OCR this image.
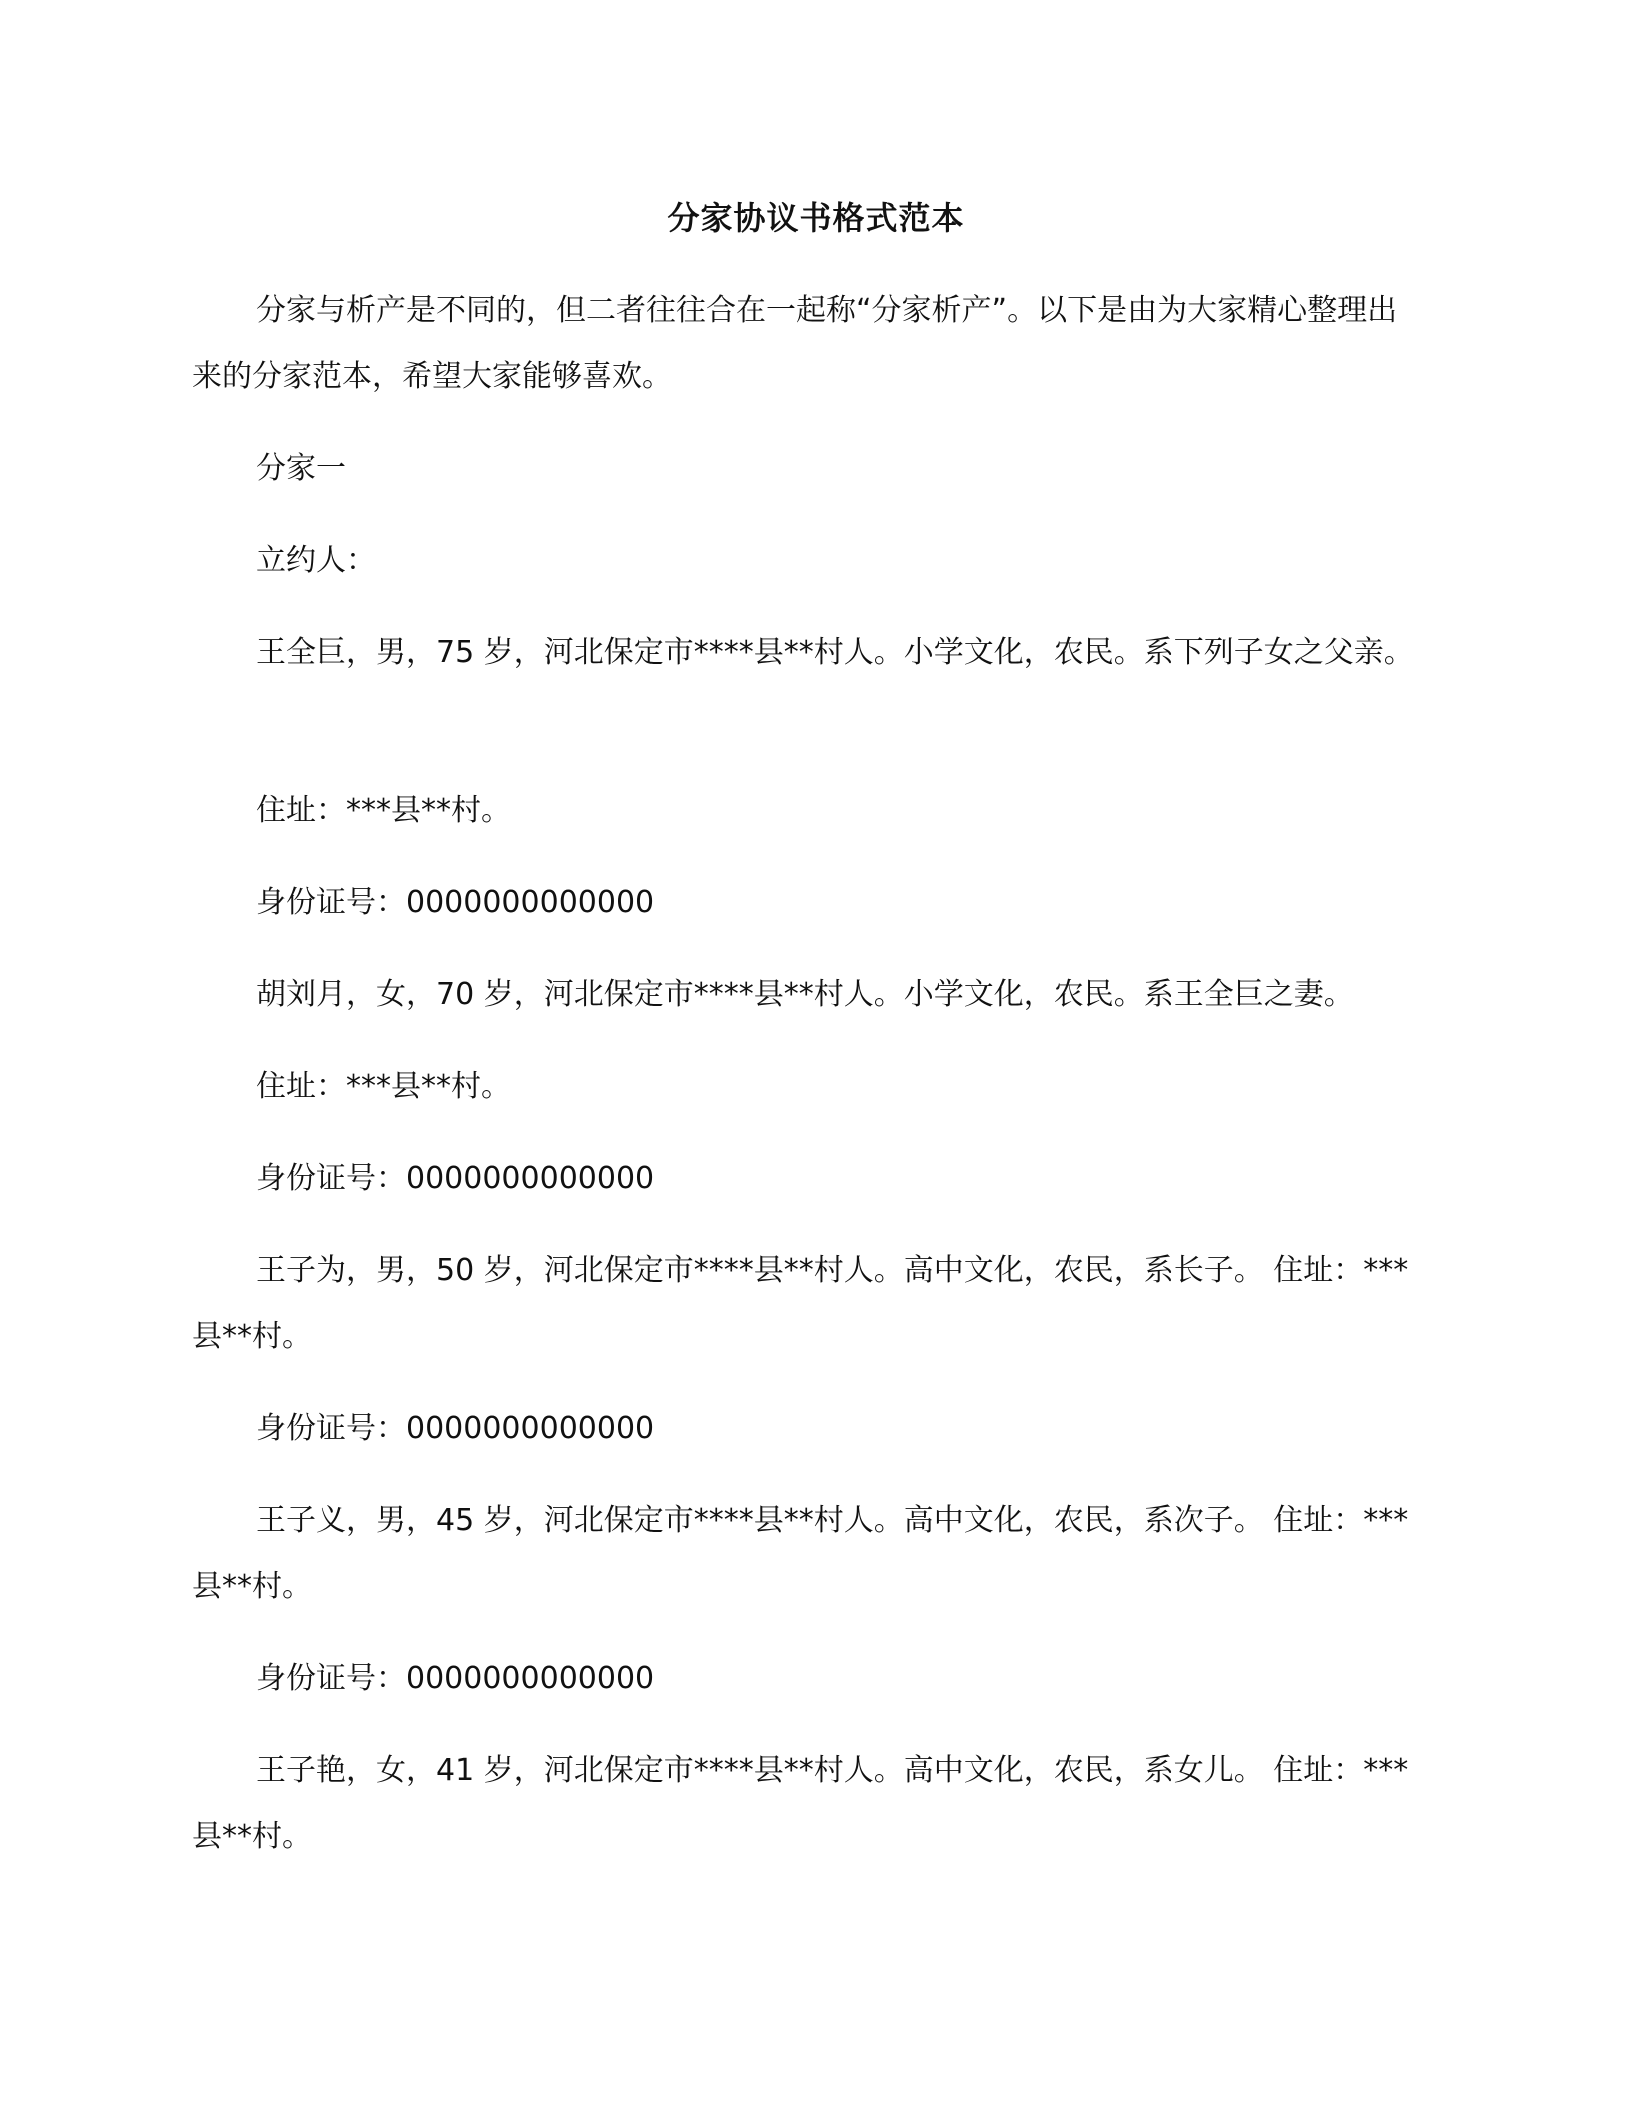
分家协议书格式范本

分家与析产是不同的，但二者往往合在一起称“分家析产”。以下是由为大家精心整理出来的分家范本，希望大家能够喜欢。

分家一

立约人：

王全巨，男，75 岁，河北保定市****县**村人。小学文化，农民。系下列子女之父亲。

住址：***县**村。

身份证号：0000000000000

胡刘月，女，70 岁，河北保定市****县**村人。小学文化，农民。系王全巨之妻。

住址：***县**村。

身份证号：0000000000000

王子为，男，50 岁，河北保定市****县**村人。高中文化，农民，系长子。 住址：***县**村。

身份证号：0000000000000

王子义，男，45 岁，河北保定市****县**村人。高中文化，农民，系次子。 住址：***县**村。

身份证号：0000000000000

王子艳，女，41 岁，河北保定市****县**村人。高中文化，农民，系女儿。 住址：***县**村。
